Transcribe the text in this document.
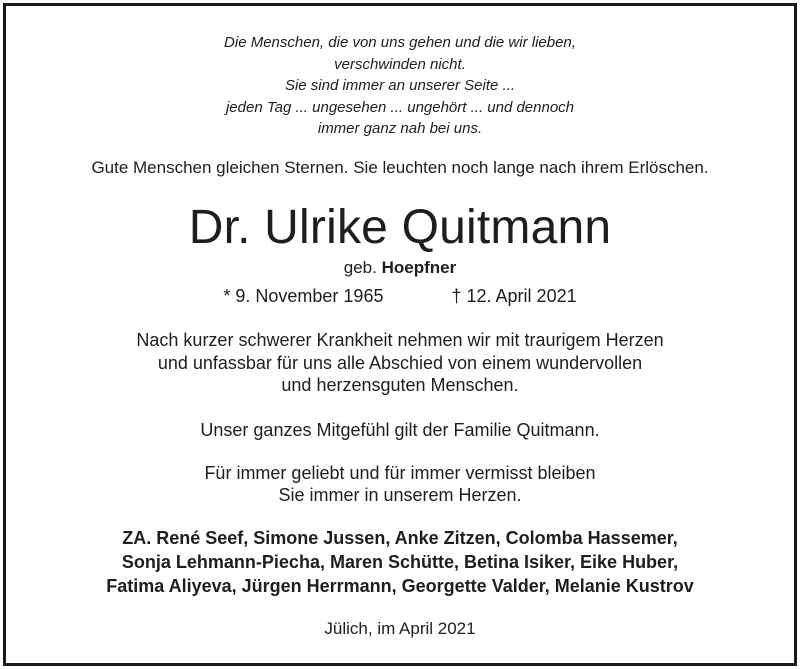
Die Menschen, die von uns gehen und die wir lieben,
verschwinden nicht.
Sie sind immer an unserer Seite ...
jeden Tag ... ungesehen ... ungehört ... und dennoch
immer ganz nah bei uns.
Gute Menschen gleichen Sternen. Sie leuchten noch lange nach ihrem Erlöschen.
Dr. Ulrike Quitmann
geb. Hoepfner
* 9. November 1965	† 12. April 2021
Nach kurzer schwerer Krankheit nehmen wir mit traurigem Herzen
und unfassbar für uns alle Abschied von einem wundervollen
und herzensguten Menschen.
Unser ganzes Mitgefühl gilt der Familie Quitmann.
Für immer geliebt und für immer vermisst bleiben
Sie immer in unserem Herzen.
ZA. René Seef, Simone Jussen, Anke Zitzen, Colomba Hassemer,
Sonja Lehmann-Piecha, Maren Schütte, Betina Isiker, Eike Huber,
Fatima Aliyeva, Jürgen Herrmann, Georgette Valder, Melanie Kustrov
Jülich, im April 2021
